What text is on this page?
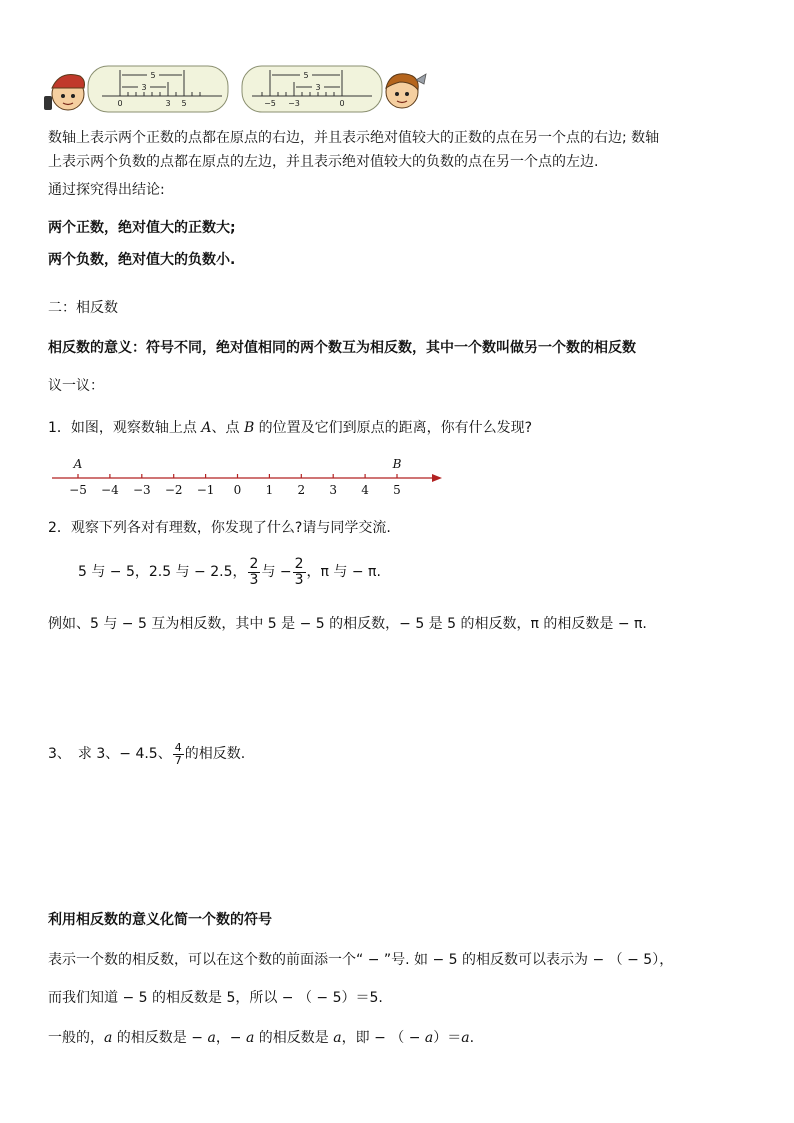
5
3
0	3 5
5
3
−5 −3	0
数轴上表示两个正数的点都在原点的右边，并且表示绝对值较大的正数的点在另一个点的右边; 数轴
上表示两个负数的点都在原点的左边，并且表示绝对值较大的负数的点在另一个点的左边.
通过探究得出结论:
两个正数，绝对值大的正数大;
两个负数，绝对值大的负数小.
二：相反数
相反数的意义：符号不同，绝对值相同的两个数互为相反数，其中一个数叫做另一个数的相反数
议一议：
1．如图，观察数轴上点 A、点 B 的位置及它们到原点的距离，你有什么发现?
−5 −4 −3 −2 −1 0 1 2 3 4 5
A	B
2．观察下列各对有理数，你发现了什么?请与同学交流.
5 与 − 5，2.5 与 − 2.5， $\frac{2}{3}$ 与 − $\frac{2}{3}$ ，π 与 − π.
例如、5 与 − 5 互为相反数，其中 5 是 − 5 的相反数，− 5 是 5 的相反数，π 的相反数是 − π.
3、　求 3、− 4.5、 $\frac{4}{7}$ 的相反数.
利用相反数的意义化简一个数的符号
表示一个数的相反数，可以在这个数的前面添一个“ − ”号. 如 − 5 的相反数可以表示为 − （ − 5），
而我们知道 − 5 的相反数是 5，所以 − （ − 5）＝5.
一般的，a 的相反数是 − a，− a 的相反数是 a，即 − （ − a）＝a.
